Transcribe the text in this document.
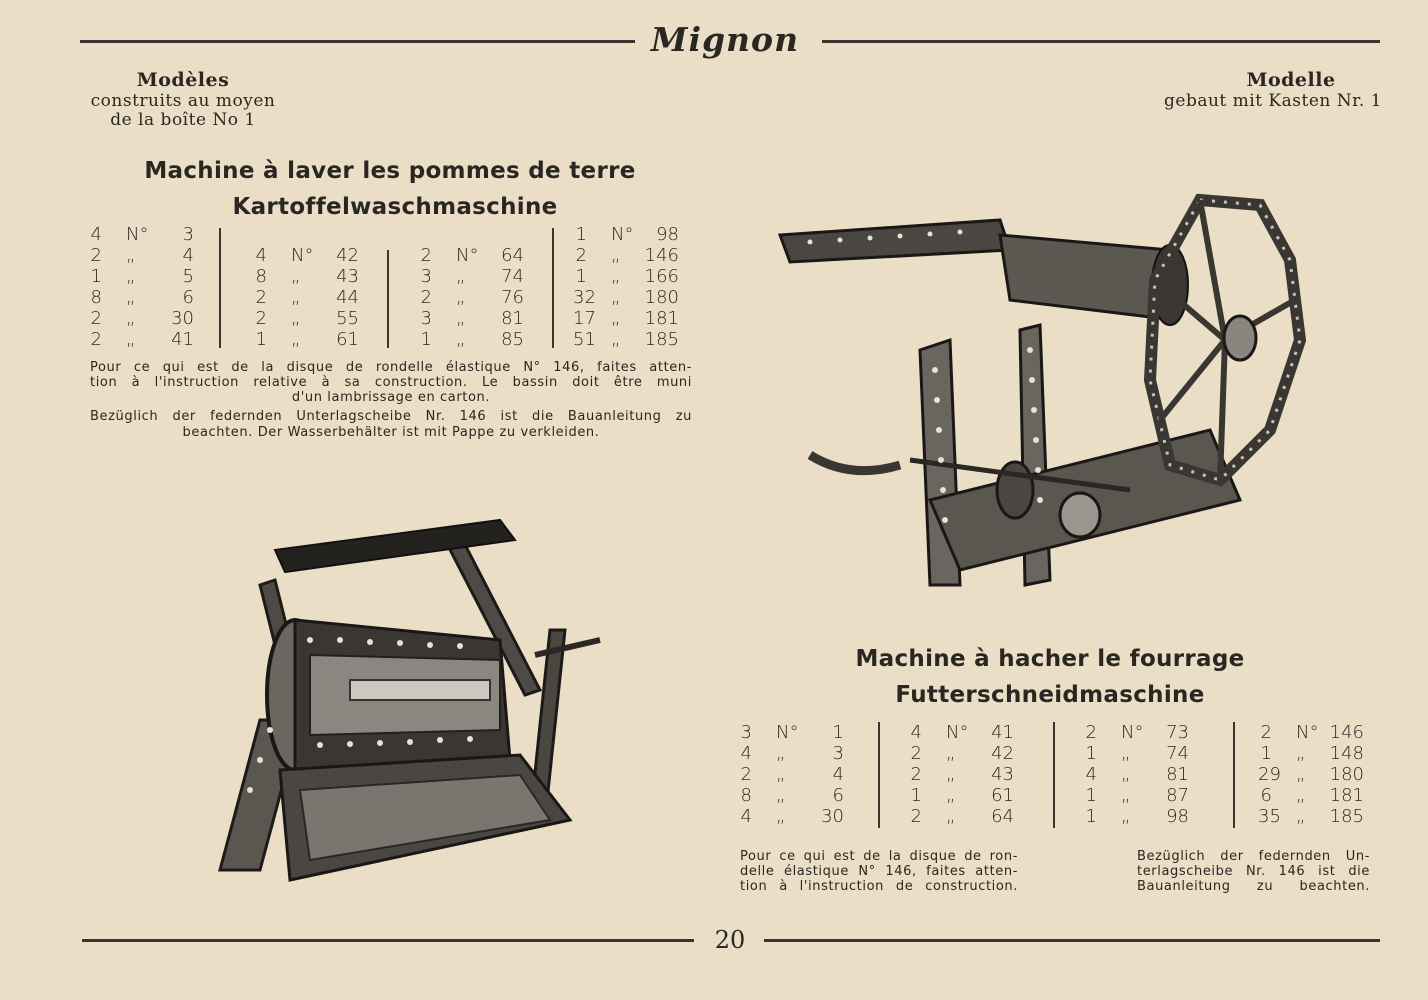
Mignon
Modèles
construits au moyen
de la boîte No 1
Modelle
gebaut mit Kasten Nr. 1
Machine à laver les pommes de terre
Kartoffelwaschmaschine
4 N°	3
2 „	4
1 „	5
8 „	6
2 „	30
2 „	41
4 N°	42
8 „	43
2 „	44
2 „	55
1 „	61
2 N°	64
3 „	74
2 „	76
3 „	81
1 „	85
1 N°	98
2 „	146
1 „	166
32 „	180
17 „	181
51 „	185
Pour ce qui est de la disque de rondelle élastique N° 146, faites atten-
tion à l'instruction relative à sa construction. Le bassin doit être muni
d'un lambrissage en carton.
Bezüglich der federnden Unterlagscheibe Nr. 146 ist die Bauanleitung zu
beachten. Der Wasserbehälter ist mit Pappe zu verkleiden.
Machine à hacher le fourrage
Futterschneidmaschine
3 N°	1
4 „	3
2 „	4
8 „	6
4 „	30
4 N°	41
2 „	42
2 „	43
1 „	61
2 „	64
2 N°	73
1 „	74
4 „	81
1 „	87
1 „	98
2 N° 146
1 „	148
29 „	180
6 „	181
35 „	185
Pour ce qui est de la disque de ron-
delle élastique N° 146, faites atten-
tion à l'instruction de construction.
Bezüglich der federnden Un-
terlagscheibe Nr. 146 ist die
Bauanleitung zu beachten.
20
